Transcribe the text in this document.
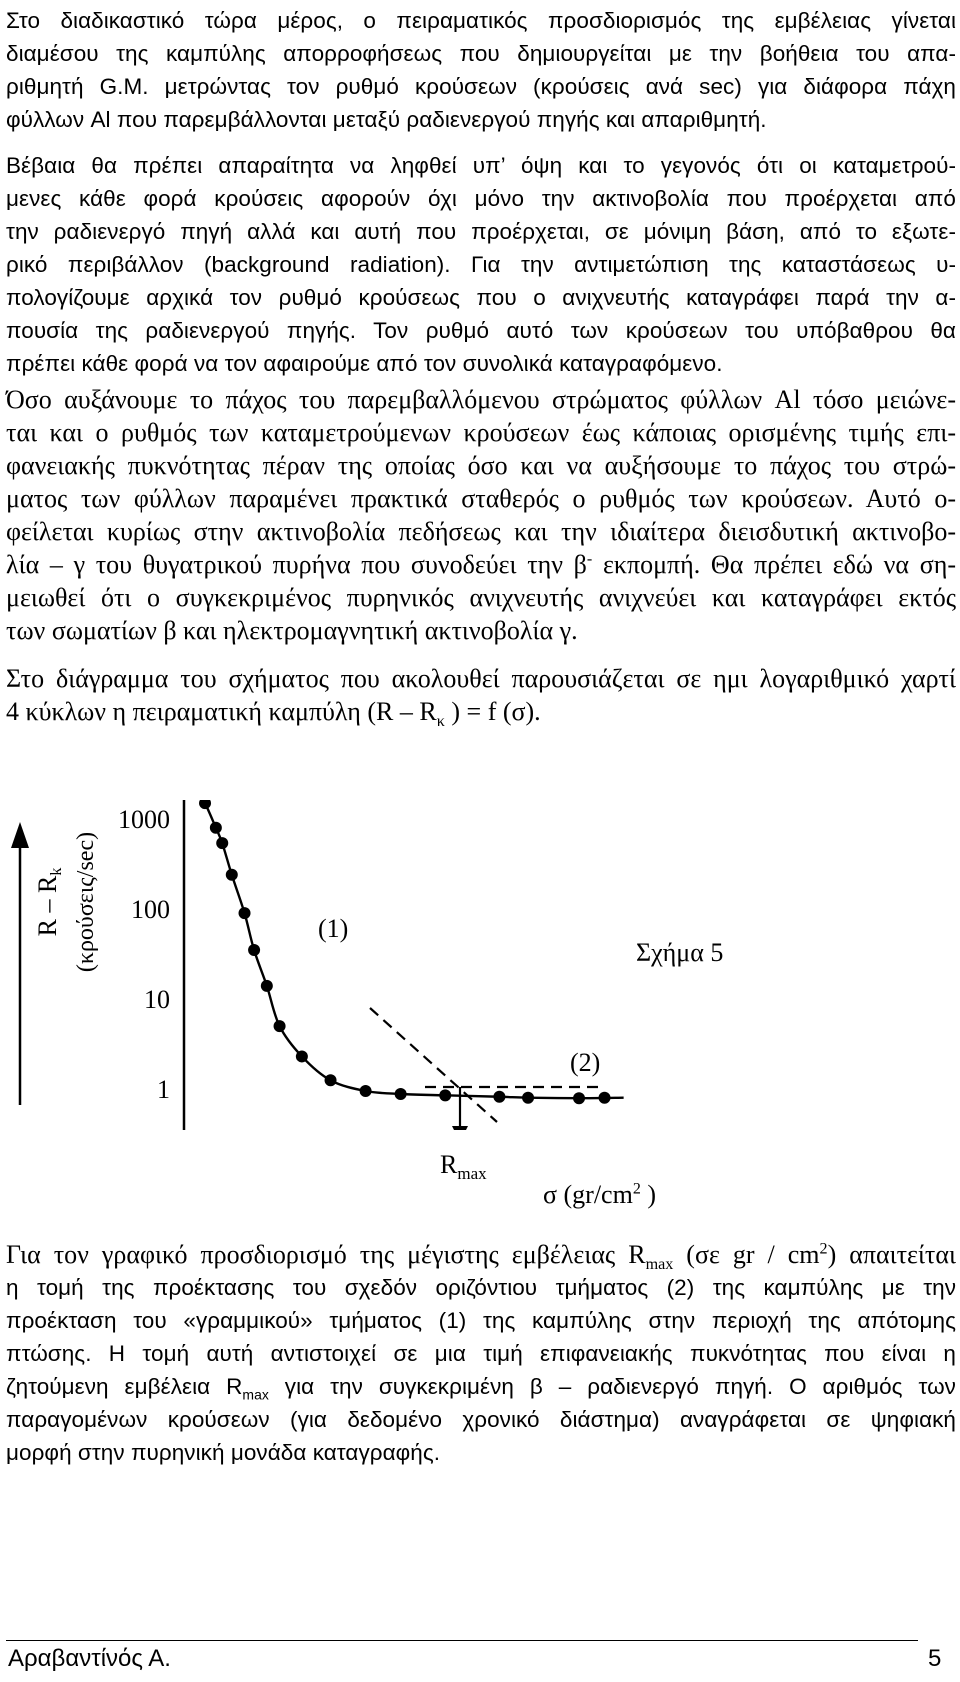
Στο διαδικαστικό τώρα μέρος, ο πειραματικός προσδιορισμός της εμβέλειας γίνεται
διαμέσου της καμπύλης απορροφήσεως που δημιουργείται με την βοήθεια του απα-
ριθμητή G.M. μετρώντας τον ρυθμό κρούσεων (κρούσεις ανά sec) για διάφορα πάχη
φύλλων Al που παρεμβάλλονται μεταξύ ραδιενεργού πηγής και απαριθμητή.
Βέβαια θα πρέπει απαραίτητα να ληφθεί υπ’ όψη και το γεγονός ότι οι καταμετρού-
μενες κάθε φορά κρούσεις αφορούν όχι μόνο την ακτινοβολία που προέρχεται από
την ραδιενεργό πηγή αλλά και αυτή που προέρχεται, σε μόνιμη βάση, από το εξωτε-
ρικό περιβάλλον (background radiation). Για την αντιμετώπιση της καταστάσεως υ-
πολογίζουμε αρχικά τον ρυθμό κρούσεως που ο ανιχνευτής καταγράφει παρά την α-
πουσία της ραδιενεργού πηγής. Τον ρυθμό αυτό των κρούσεων του υπόβαθρου θα
πρέπει κάθε φορά να τον αφαιρούμε από τον συνολικά καταγραφόμενο.
Όσο αυξάνουμε το πάχος του παρεμβαλλόμενου στρώματος φύλλων Al τόσο μειώνε-
ται και ο ρυθμός των καταμετρούμενων κρούσεων έως κάποιας ορισμένης τιμής επι-
φανειακής πυκνότητας πέραν της οποίας όσο και να αυξήσουμε το πάχος του στρώ-
ματος των φύλλων παραμένει πρακτικά σταθερός ο ρυθμός των κρούσεων. Αυτό ο-
φείλεται κυρίως στην ακτινοβολία πεδήσεως και την ιδιαίτερα διεισδυτική ακτινοβο-
λία – γ του θυγατρικού πυρήνα που συνοδεύει την β- εκπομπή. Θα πρέπει εδώ να ση-
μειωθεί ότι ο συγκεκριμένος πυρηνικός ανιχνευτής ανιχνεύει και καταγράφει εκτός
των σωματίων β και ηλεκτρομαγνητική ακτινοβολία γ.
Στο διάγραμμα του σχήματος που ακολουθεί παρουσιάζεται σε ημι λογαριθμικό χαρτί
4 κύκλων η πειραματική καμπύλη ($R - R_\kappa$ ) = f (σ).
1000
100
10
1
R – Rk (κρούσεις/sec)	(1)
(2)
Σχήμα 5
$R_{max}$
σ ($gr/cm^2$ )
Για τον γραφικό προσδιορισμό της μέγιστης εμβέλειας $R_{max}$ (σε gr / $cm^2$) απαιτείται
η τομή της προέκτασης του σχεδόν οριζόντιου τμήματος (2) της καμπύλης με την
προέκταση του «γραμμικού» τμήματος (1) της καμπύλης στην περιοχή της απότομης
πτώσης. Η τομή αυτή αντιστοιχεί σε μια τιμή επιφανειακής πυκνότητας που είναι η
ζητούμενη εμβέλεια $R_{max}$ για την συγκεκριμένη β – ραδιενεργό πηγή. Ο αριθμός των
παραγομένων κρούσεων (για δεδομένο χρονικό διάστημα) αναγράφεται σε ψηφιακή
μορφή στην πυρηνική μονάδα καταγραφής.
Αραβαντίνός Α.	5
